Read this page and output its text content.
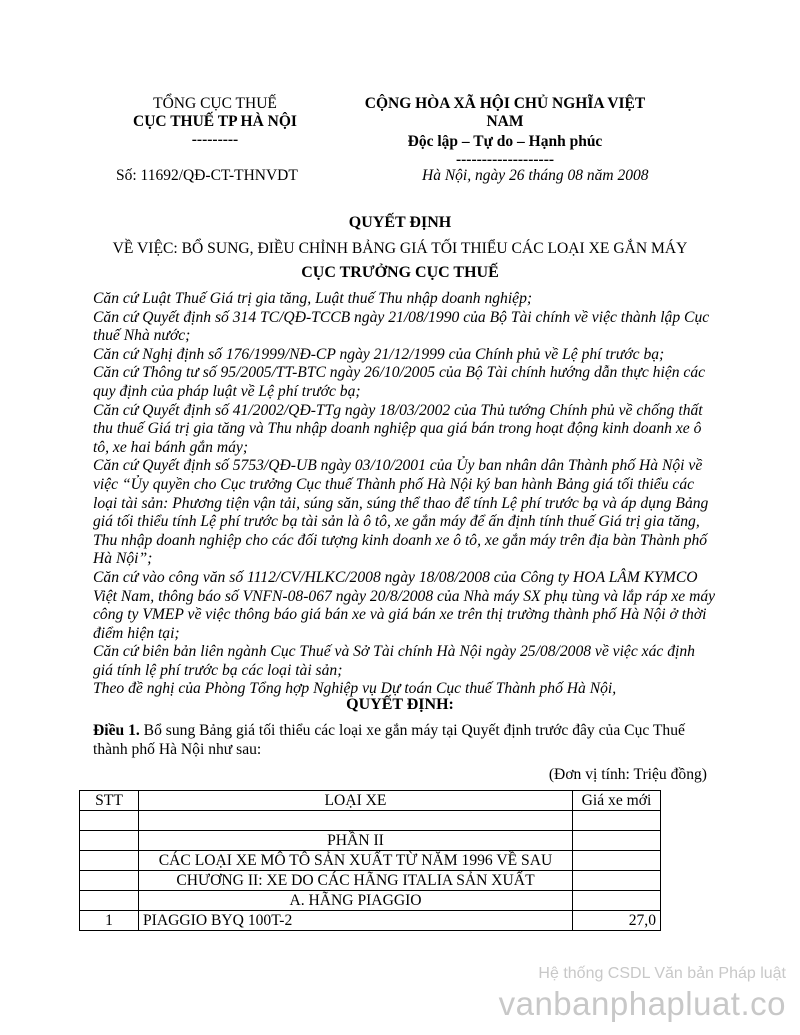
TỔNG CỤC THUẾ
CỤC THUẾ TP HÀ NỘI
---------
CỘNG HÒA XÃ HỘI CHỦ NGHĨA VIỆT
NAM
Độc lập – Tự do – Hạnh phúc
-------------------
Số: 11692/QĐ-CT-THNVDT	Hà Nội, ngày 26 tháng 08 năm 2008
QUYẾT ĐỊNH
VỀ VIỆC: BỔ SUNG, ĐIỀU CHỈNH BẢNG GIÁ TỐI THIỂU CÁC LOẠI XE GẮN MÁY
CỤC TRƯỞNG CỤC THUẾ

Căn cứ Luật Thuế Giá trị gia tăng, Luật thuế Thu nhập doanh nghiệp;

Căn cứ Quyết định số 314 TC/QĐ-TCCB ngày 21/08/1990 của Bộ Tài chính về việc thành lập Cục thuế Nhà nước;

Căn cứ Nghị định số 176/1999/NĐ-CP ngày 21/12/1999 của Chính phủ về Lệ phí trước bạ;

Căn cứ Thông tư số 95/2005/TT-BTC ngày 26/10/2005 của Bộ Tài chính hướng dẫn thực hiện các quy định của pháp luật về Lệ phí trước bạ;

Căn cứ Quyết định số 41/2002/QĐ-TTg ngày 18/03/2002 của Thủ tướng Chính phủ về chống thất thu thuế Giá trị gia tăng và Thu nhập doanh nghiệp qua giá bán trong hoạt động kinh doanh xe ô tô, xe hai bánh gắn máy;

Căn cứ Quyết định số 5753/QĐ-UB ngày 03/10/2001 của Ủy ban nhân dân Thành phố Hà Nội về việc “Ủy quyền cho Cục trưởng Cục thuế Thành phố Hà Nội ký ban hành Bảng giá tối thiểu các loại tài sản: Phương tiện vận tải, súng săn, súng thể thao để tính Lệ phí trước bạ và áp dụng Bảng giá tối thiểu tính Lệ phí trước bạ tài sản là ô tô, xe gắn máy để ấn định tính thuế Giá trị gia tăng, Thu nhập doanh nghiệp cho các đối tượng kinh doanh xe ô tô, xe gắn máy trên địa bàn Thành phố Hà Nội”;

Căn cứ vào công văn số 1112/CV/HLKC/2008 ngày 18/08/2008 của Công ty HOA LÂM KYMCO Việt Nam, thông báo số VNFN-08-067 ngày 20/8/2008 của Nhà máy SX phụ tùng và lắp ráp xe máy công ty VMEP về việc thông báo giá bán xe và giá bán xe trên thị trường thành phố Hà Nội ở thời điểm hiện tại;

Căn cứ biên bản liên ngành Cục Thuế và Sở Tài chính Hà Nội ngày 25/08/2008 về việc xác định giá tính lệ phí trước bạ các loại tài sản;

Theo đề nghị của Phòng Tổng hợp Nghiệp vụ Dự toán Cục thuế Thành phố Hà Nội,

QUYẾT ĐỊNH:
Điều 1. Bổ sung Bảng giá tối thiểu các loại xe gắn máy tại Quyết định trước đây của Cục Thuế thành phố Hà Nội như sau:
(Đơn vị tính: Triệu đồng)
STT	LOẠI XE	Giá xe mới

	PHẦN II	
	CÁC LOẠI XE MÔ TÔ SẢN XUẤT TỪ NĂM 1996 VỀ SAU	
	CHƯƠNG II: XE DO CÁC HÃNG ITALIA SẢN XUẤT	
	A. HÃNG PIAGGIO	
1	PIAGGIO BYQ 100T-2	27,0
Hệ thống CSDL Văn bản Pháp luật
vanbanphapluat.co
